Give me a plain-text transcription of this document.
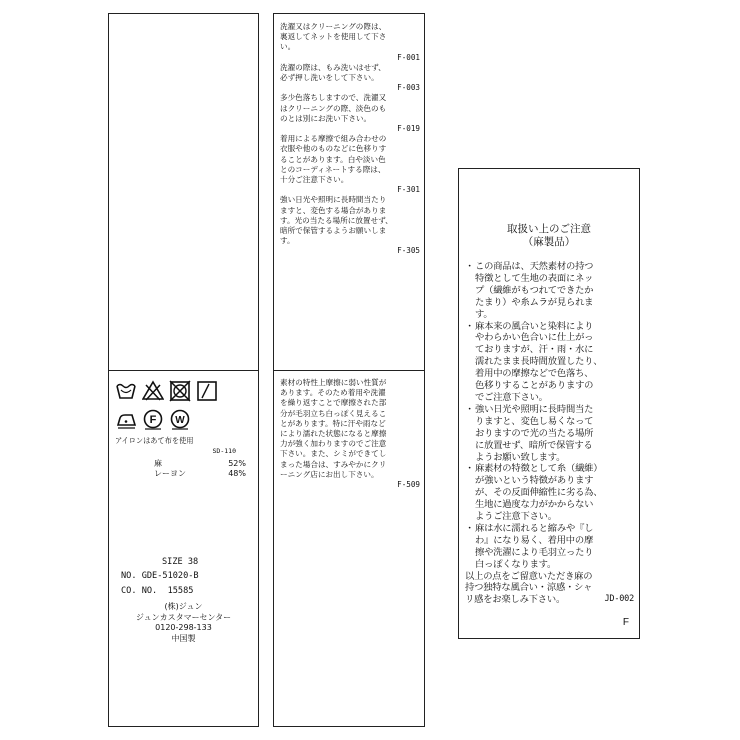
F W
アイロンはあて布を使用
SD-110
麻	52%
レーヨン	48%
SIZE 38
NO. GDE-51020-B
CO. NO.  15585
(株)ジュン
ジュンカスタマーセンター
0120-298-133
中国製
洗濯又はクリーニングの際は、
裏返してネットを使用して下さ
い。
F-001
洗濯の際は、もみ洗いはせず、
必ず押し洗いをして下さい。
F-003
多少色落ちしますので、洗濯又
はクリーニングの際、淡色のも
のとは別にお洗い下さい。
F-019
着用による摩擦で組み合わせの
衣服や他のものなどに色移りす
ることがあります。白や淡い色
とのコーディネートする際は、
十分ご注意下さい。
F-301
強い日光や照明に長時間当たり
ますと、変色する場合がありま
す。光の当たる場所に放置せず、
暗所で保管するようお願いしま
す。
F-305
素材の特性上摩擦に弱い性質が
あります。そのため着用や洗濯
を繰り返すことで摩擦された部
分が毛羽立ち白っぽく見えるこ
とがあります。特に汗や雨など
により濡れた状態になると摩擦
力が強く加わりますのでご注意
下さい。また、シミができてし
まった場合は、すみやかにクリ
ーニング店にお出し下さい。
F-509
取扱い上のご注意
（麻製品）
・ この商品は、天然素材の持つ
特徴として生地の表面にネッ
プ（繊維がもつれてできたか
たまり）や糸ムラが見られま
す。
・ 麻本来の風合いと染料により
やわらかい色合いに仕上がっ
ておりますが、汗・雨・水に
濡れたまま長時間放置したり、
着用中の摩擦などで色落ち、
色移りすることがありますの
でご注意下さい。
・ 強い日光や照明に長時間当た
りますと、変色し易くなって
おりますので光の当たる場所
に放置せず、暗所で保管する
ようお願い致します。
・ 麻素材の特徴として糸（繊維）
が強いという特徴があります
が、その反面伸縮性に劣る為、
生地に過度な力がかからない
ようご注意下さい。
・ 麻は水に濡れると縮みや『し
わ』になり易く、着用中の摩
擦や洗濯により毛羽立ったり
白っぽくなります。
以上の点をご留意いただき麻の
持つ独特な風合い・涼感・シャ
リ感をお楽しみ下さい。	JD-002
F
